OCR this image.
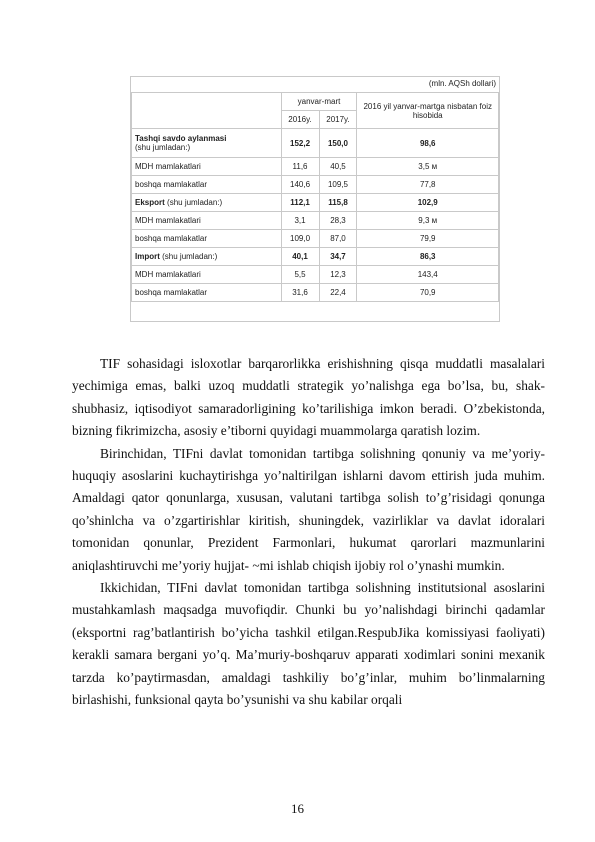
(mln. AQSh dollari)
	yanvar-mart		2016 yil yanvar-martga nisbatan foiz hisobida
	2016y.	2017y.	
Tashqi savdo aylanmasi
(shu jumladan:)	152,2	150,0	98,6
MDH mamlakatlari	11,6	40,5	3,5 м
boshqa mamlakatlar	140,6	109,5	77,8
Eksport (shu jumladan:)	112,1	115,8	102,9
MDH mamlakatlari	3,1	28,3	9,3 м
boshqa mamlakatlar	109,0	87,0	79,9
Import (shu jumladan:)	40,1	34,7	86,3
MDH mamlakatlari	5,5	12,3	143,4
boshqa mamlakatlar	31,6	22,4	70,9

TIF sohasidagi isloxotlar barqarorlikka erishishning qisqa muddatli masalalari yechimiga emas, balki uzoq muddatli strategik yo’nalishga ega bo’lsa, bu, shak-shubhasiz, iqtisodiyot samaradorligining ko’tarilishiga imkon beradi. O’zbekistonda, bizning fikrimizcha, asosiy e’tiborni quyidagi muammolarga qaratish lozim.

Birinchidan, TIFni davlat tomonidan tartibga solishning qonuniy va me’yoriy-huquqiy asoslarini kuchaytirishga yo’naltirilgan ishlarni davom ettirish juda muhim. Amaldagi qator qonunlarga, xususan, valutani tartibga solish to’g’risidagi qonunga qo’shinlcha va o’zgartirishlar kiritish, shuningdek, vazirliklar va davlat idoralari tomonidan qonunlar, Prezident Farmonlari, hukumat qarorlari mazmunlarini aniqlashtiruvchi me’yoriy hujjat- ~mi ishlab chiqish ijobiy rol o’ynashi mumkin.

Ikkichidan, TIFni davlat tomonidan tartibga solishning institutsional asoslarini mustahkamlash maqsadga muvofiqdir. Chunki bu yo’nalishdagi birinchi qadamlar (eksportni rag’batlantirish bo’yicha tashkil etilgan.RespubJika komissiyasi faoliyati) kerakli samara bergani yo’q. Ma’muriy-boshqaruv apparati xodimlari sonini mexanik tarzda ko’paytirmasdan, amaldagi tashkiliy bo’g’inlar, muhim bo’linmalarning birlashishi, funksional qayta bo’ysunishi va shu kabilar orqali

16
